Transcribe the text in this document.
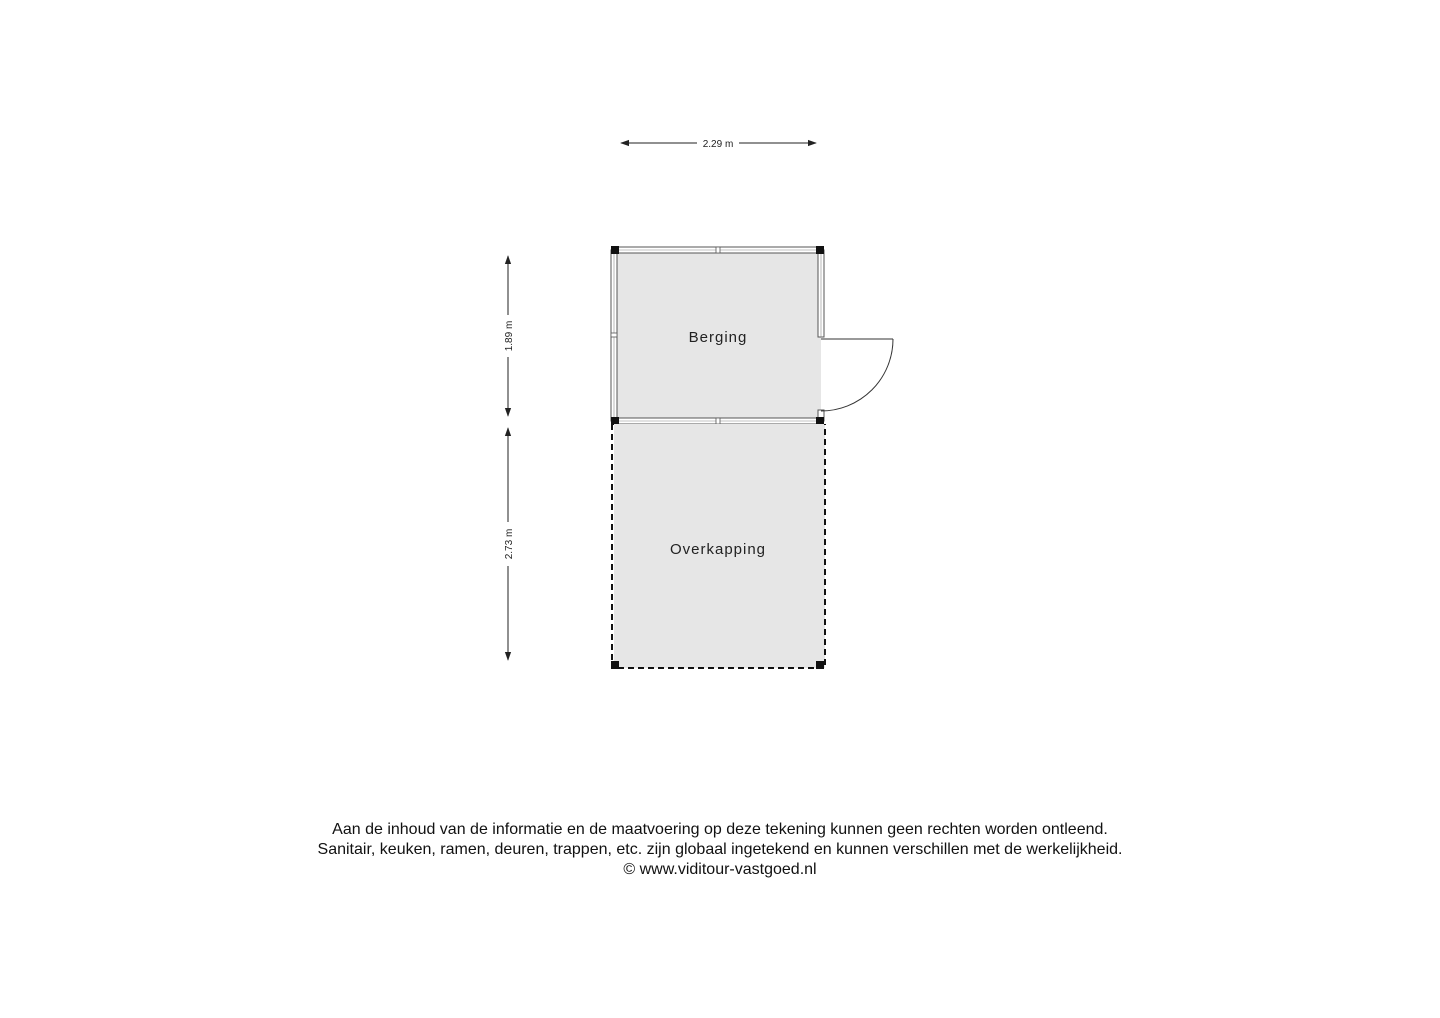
2.29 m
1.89 m
2.73 m
Berging
Overkapping
Aan de inhoud van de informatie en de maatvoering op deze tekening kunnen geen rechten worden ontleend.
Sanitair, keuken, ramen, deuren, trappen, etc. zijn globaal ingetekend en kunnen verschillen met de werkelijkheid.
© www.viditour-vastgoed.nl
